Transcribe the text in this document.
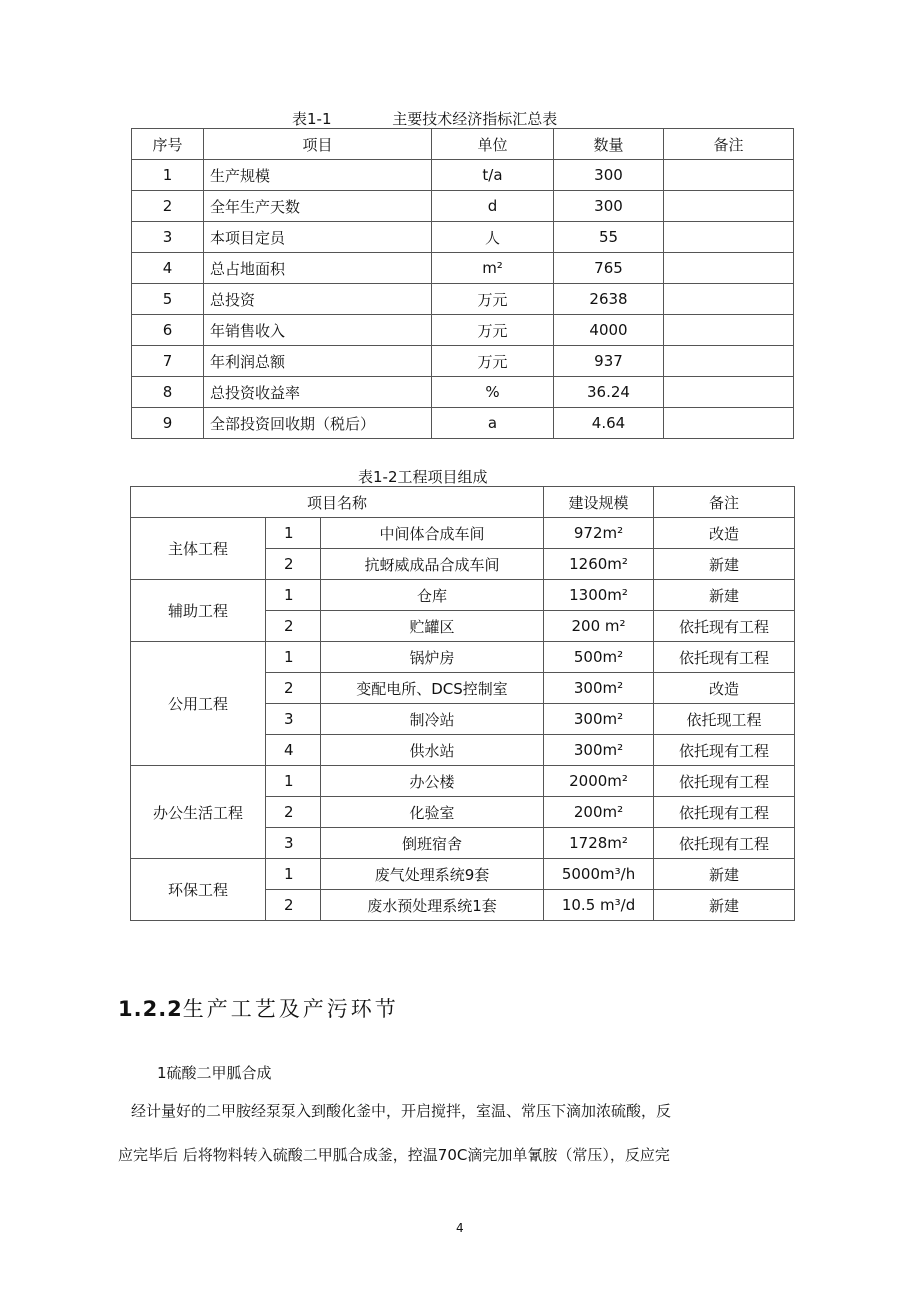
表1-1	主要技术经济指标汇总表
序号	项目	单位	数量	备注
1	生产规模	t/a	300	
2	全年生产天数	d	300	
3	本项目定员	人	55	
4	总占地面积	m²	765	
5	总投资	万元	2638	
6	年销售收入	万元	4000	
7	年利润总额	万元	937	
8	总投资收益率	%	36.24	
9	全部投资回收期（税后）	a	4.64	
表1-2工程项目组成
项目名称			建设规模	备注
主体工程	1	中间体合成车间	972m²	改造
	2	抗蚜威成品合成车间	1260m²	新建
辅助工程	1	仓库	1300m²	新建
	2	贮罐区	200 m²	依托现有工程
公用工程	1	锅炉房	500m²	依托现有工程
	2	变配电所、DCS控制室	300m²	改造
	3	制冷站	300m²	依托现工程
	4	供水站	300m²	依托现有工程
办公生活工程	1	办公楼	2000m²	依托现有工程
	2	化验室	200m²	依托现有工程
	3	倒班宿舍	1728m²	依托现有工程
环保工程	1	废气处理系统9套	5000m³/h	新建
	2	废水预处理系统1套	10.5 m³/d	新建
1.2.2生产工艺及产污环节
1硫酸二甲胍合成
经计量好的二甲胺经泵泵入到酸化釜中，开启搅拌，室温、常压下滴加浓硫酸，反
应完毕后 后将物料转入硫酸二甲胍合成釜，控温70C滴完加单氰胺（常压），反应完
4
